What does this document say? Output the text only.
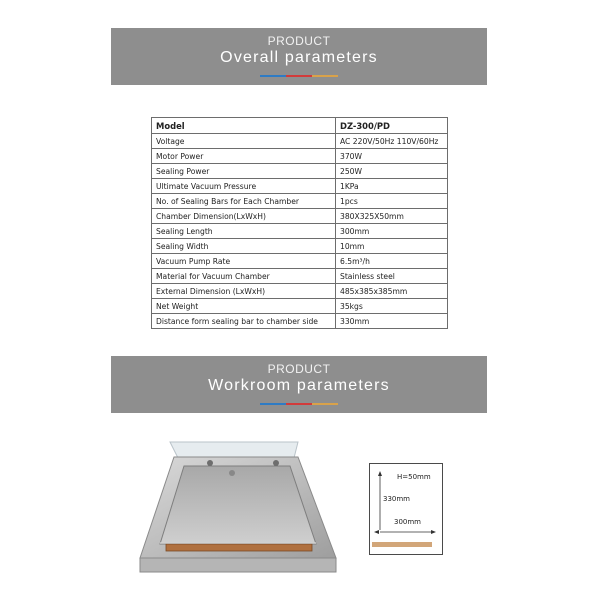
PRODUCT
Overall parameters
Model	DZ-300/PD
Voltage	AC 220V/50Hz 110V/60Hz
Motor Power	370W
Sealing Power	250W
Ultimate Vacuum Pressure	1KPa
No. of Sealing Bars for Each Chamber	1pcs
Chamber Dimension(LxWxH)	380X325X50mm
Sealing Length	300mm
Sealing Width	10mm
Vacuum Pump Rate	6.5m³/h
Material for Vacuum Chamber	Stainless steel
External Dimension (LxWxH)	485x385x385mm
Net Weight	35kgs
Distance form sealing bar to chamber side	330mm
PRODUCT
Workroom parameters
H=50mm
330mm
300mm
